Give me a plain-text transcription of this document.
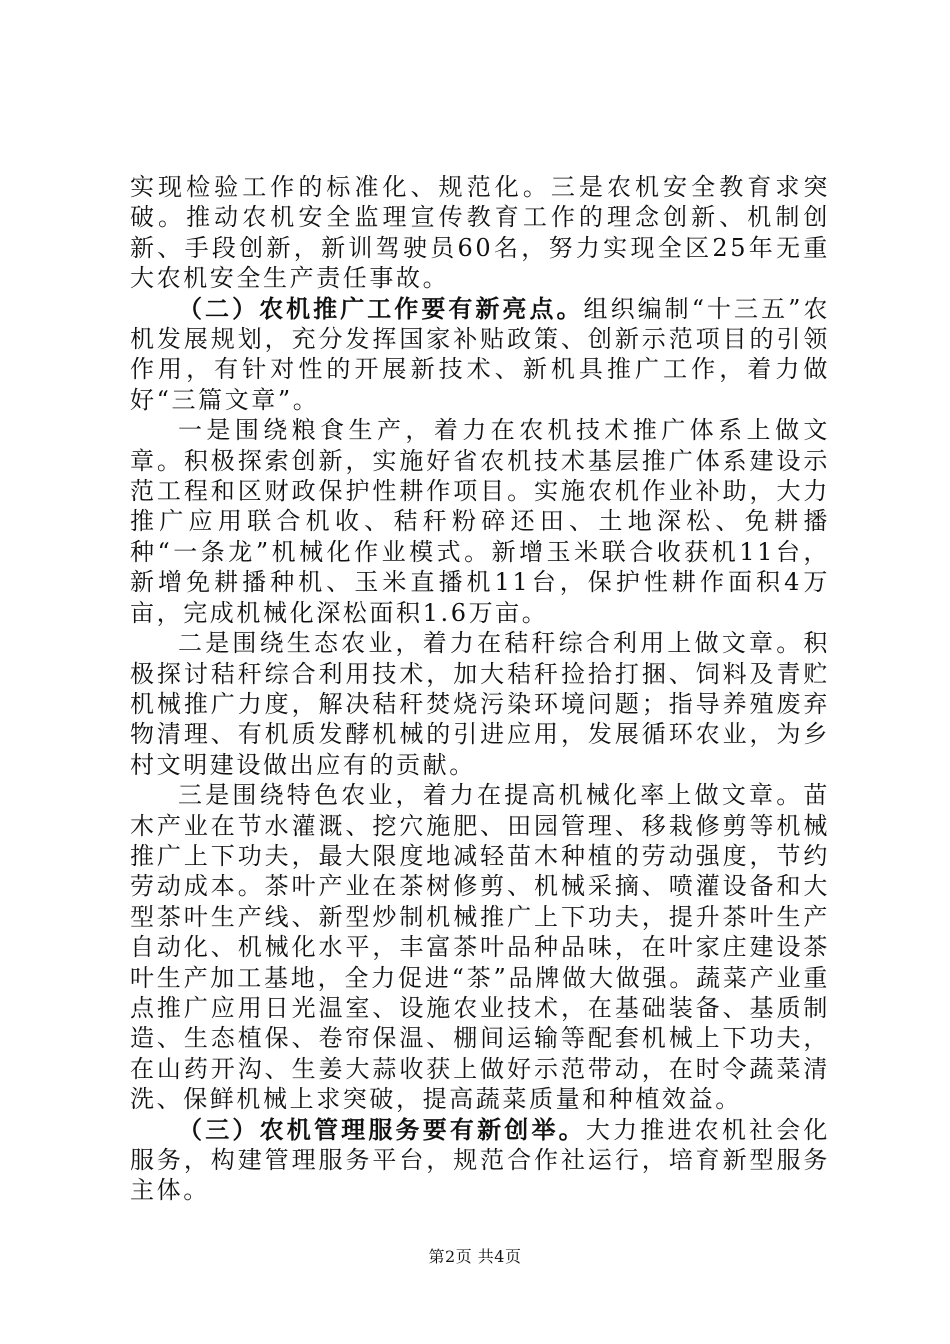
实现检验工作的标准化、规范化。三是农机安全教育求突破。推动农机安全监理宣传教育工作的理念创新、机制创新、手段创新，新训驾驶员60名，努力实现全区25年无重大农机安全生产责任事故。

（二）农机推广工作要有新亮点。组织编制“十三五”农机发展规划，充分发挥国家补贴政策、创新示范项目的引领作用，有针对性的开展新技术、新机具推广工作，着力做好“三篇文章”。

一是围绕粮食生产，着力在农机技术推广体系上做文章。积极探索创新，实施好省农机技术基层推广体系建设示范工程和区财政保护性耕作项目。实施农机作业补助，大力推广应用联合机收、秸秆粉碎还田、土地深松、免耕播种“一条龙”机械化作业模式。新增玉米联合收获机11台，新增免耕播种机、玉米直播机11台，保护性耕作面积4万亩，完成机械化深松面积1.6万亩。

二是围绕生态农业，着力在秸秆综合利用上做文章。积极探讨秸秆综合利用技术，加大秸秆捡拾打捆、饲料及青贮机械推广力度，解决秸秆焚烧污染环境问题；指导养殖废弃物清理、有机质发酵机械的引进应用，发展循环农业，为乡村文明建设做出应有的贡献。

三是围绕特色农业，着力在提高机械化率上做文章。苗木产业在节水灌溉、挖穴施肥、田园管理、移栽修剪等机械推广上下功夫，最大限度地减轻苗木种植的劳动强度，节约劳动成本。茶叶产业在茶树修剪、机械采摘、喷灌设备和大型茶叶生产线、新型炒制机械推广上下功夫，提升茶叶生产自动化、机械化水平，丰富茶叶品种品味，在叶家庄建设茶叶生产加工基地，全力促进“茶”品牌做大做强。蔬菜产业重点推广应用日光温室、设施农业技术，在基础装备、基质制造、生态植保、卷帘保温、棚间运输等配套机械上下功夫，在山药开沟、生姜大蒜收获上做好示范带动，在时令蔬菜清洗、保鲜机械上求突破，提高蔬菜质量和种植效益。

（三）农机管理服务要有新创举。大力推进农机社会化服务，构建管理服务平台，规范合作社运行，培育新型服务主体。

第2页 共4页
